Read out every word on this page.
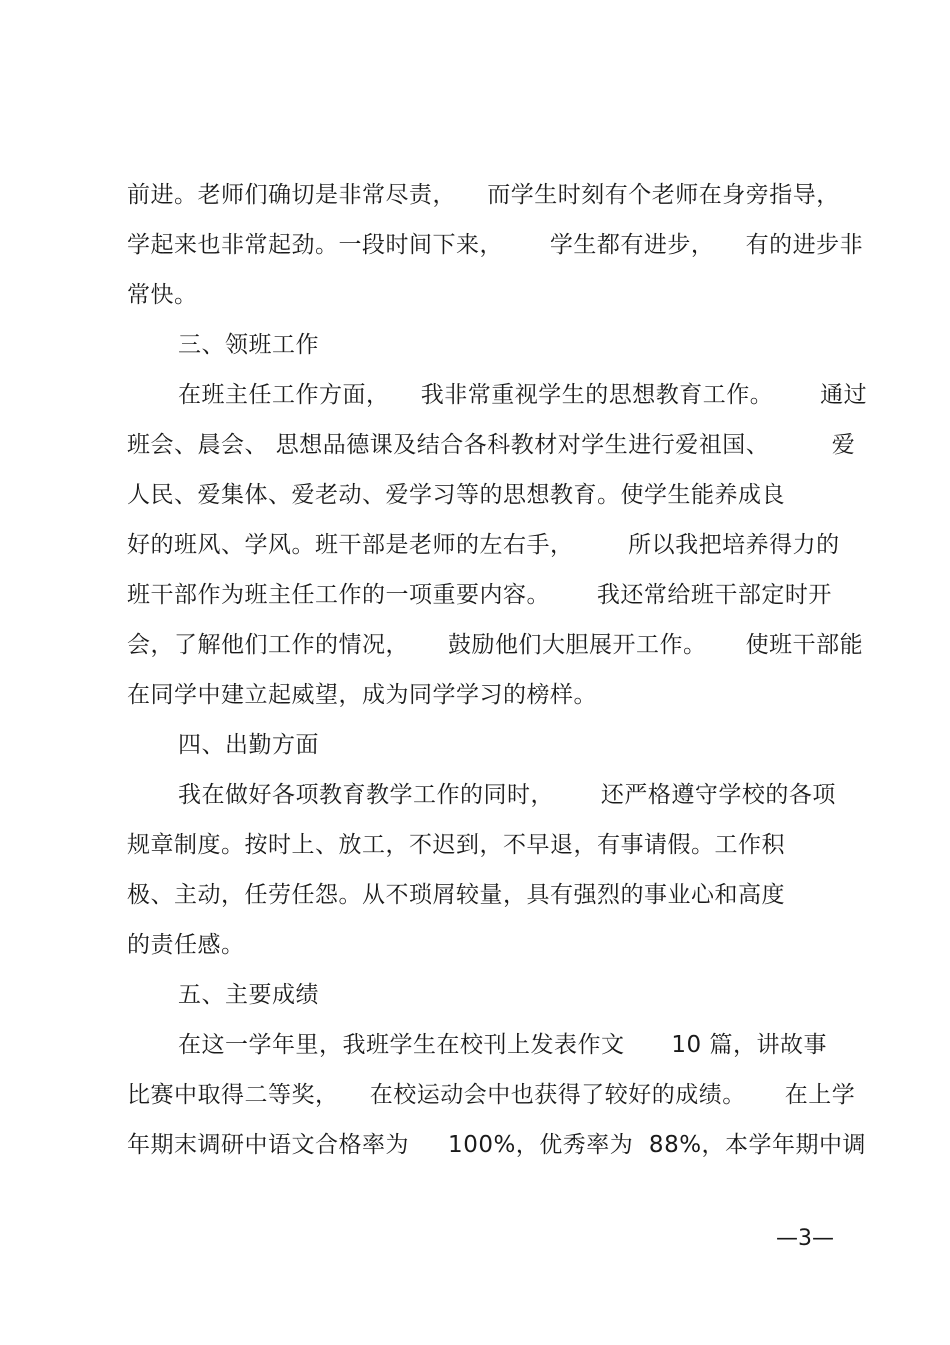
前进。老师们确切是非常尽责，    而学生时刻有个老师在身旁指导，
学起来也非常起劲。一段时间下来，      学生都有进步，    有的进步非
常快。
三、领班工作
在班主任工作方面，    我非常重视学生的思想教育工作。      通过
班会、晨会、 思想品德课及结合各科教材对学生进行爱祖国、        爱
人民、爱集体、爱老动、爱学习等的思想教育。使学生能养成良
好的班风、学风。班干部是老师的左右手，       所以我把培养得力的
班干部作为班主任工作的一项重要内容。      我还常给班干部定时开
会，了解他们工作的情况，     鼓励他们大胆展开工作。     使班干部能
在同学中建立起威望，成为同学学习的榜样。
四、出勤方面
我在做好各项教育教学工作的同时，      还严格遵守学校的各项
规章制度。按时上、放工，不迟到，不早退，有事请假。工作积
极、主动，任劳任怨。从不琐屑较量，具有强烈的事业心和高度
的责任感。
五、主要成绩
在这一学年里，我班学生在校刊上发表作文      10 篇，讲故事
比赛中取得二等奖，    在校运动会中也获得了较好的成绩。     在上学
年期末调研中语文合格率为     100%，优秀率为  88%，本学年期中调
—3—
